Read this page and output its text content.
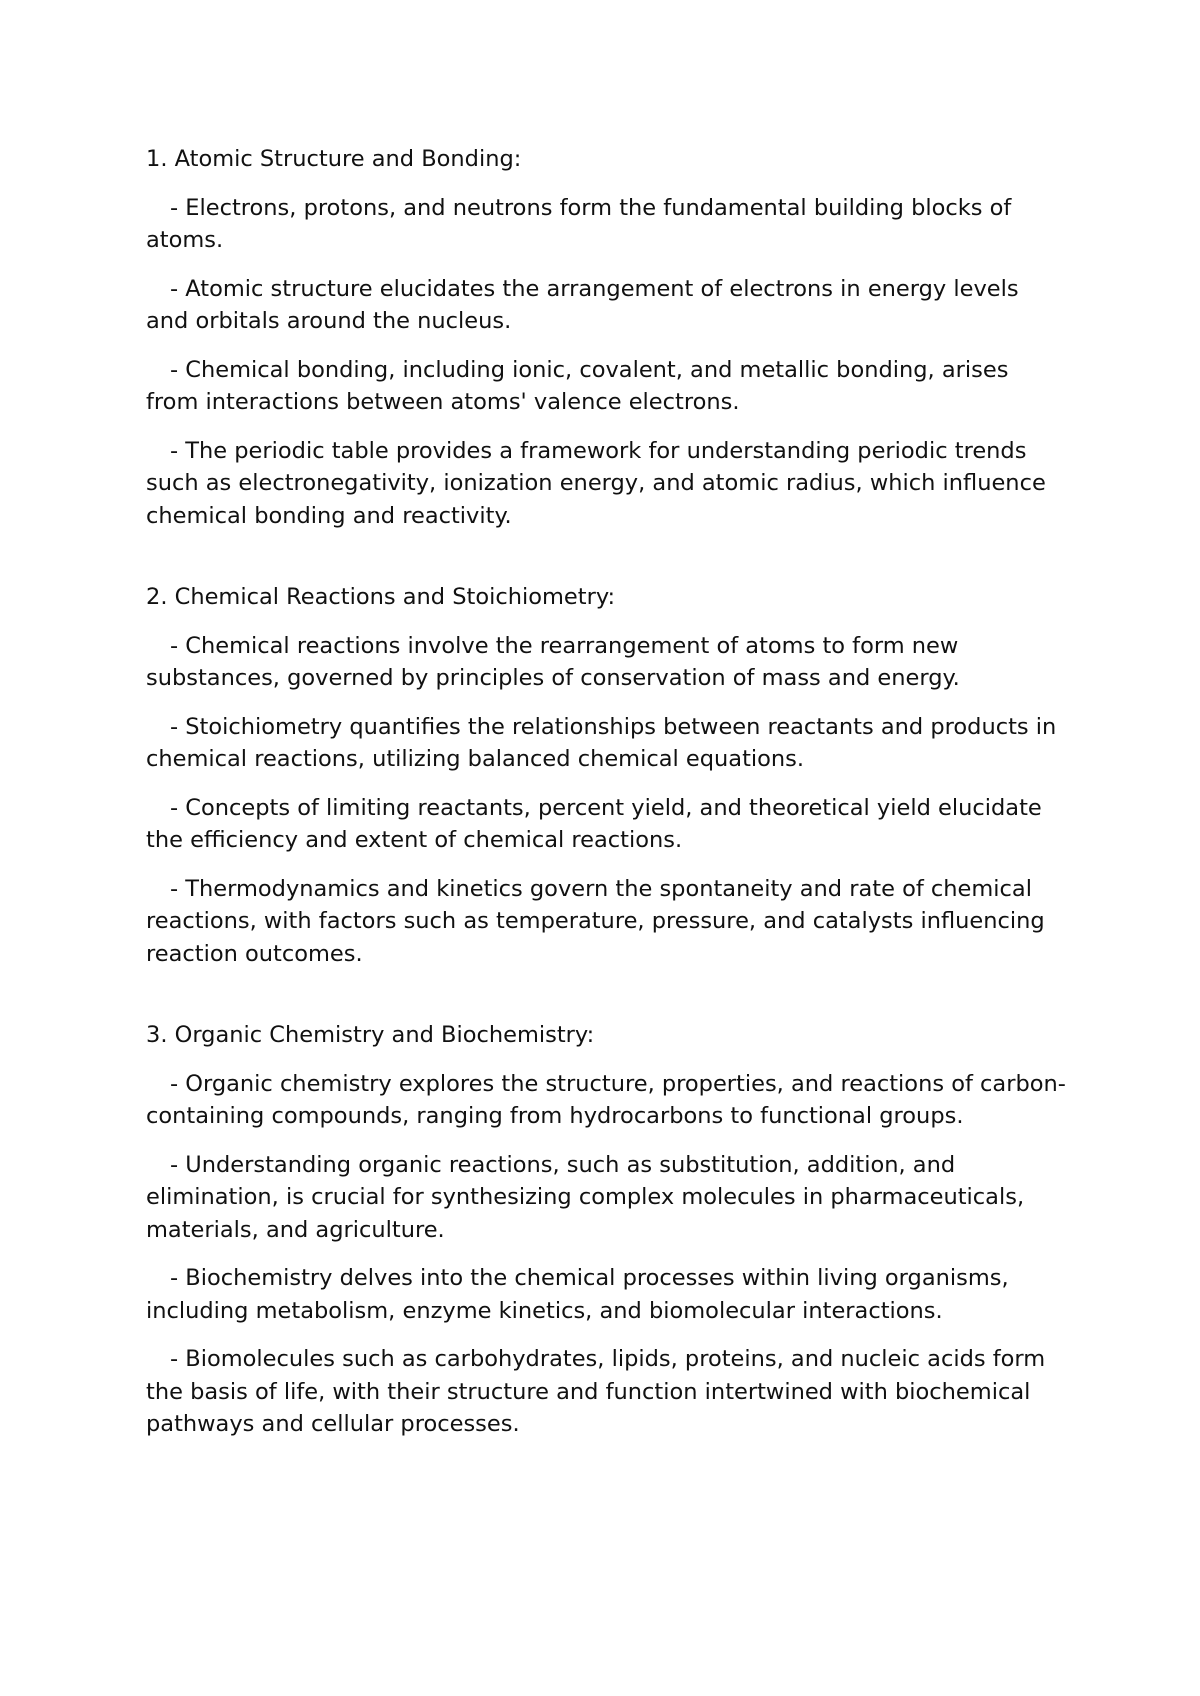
1. Atomic Structure and Bonding:

- Electrons, protons, and neutrons form the fundamental building blocks of atoms.

- Atomic structure elucidates the arrangement of electrons in energy levels and orbitals around the nucleus.

- Chemical bonding, including ionic, covalent, and metallic bonding, arises from interactions between atoms' valence electrons.

- The periodic table provides a framework for understanding periodic trends such as electronegativity, ionization energy, and atomic radius, which influence chemical bonding and reactivity.

2. Chemical Reactions and Stoichiometry:

- Chemical reactions involve the rearrangement of atoms to form new substances, governed by principles of conservation of mass and energy.

- Stoichiometry quantifies the relationships between reactants and products in chemical reactions, utilizing balanced chemical equations.

- Concepts of limiting reactants, percent yield, and theoretical yield elucidate the efficiency and extent of chemical reactions.

- Thermodynamics and kinetics govern the spontaneity and rate of chemical reactions, with factors such as temperature, pressure, and catalysts influencing reaction outcomes.

3. Organic Chemistry and Biochemistry:

- Organic chemistry explores the structure, properties, and reactions of carbon-containing compounds, ranging from hydrocarbons to functional groups.

- Understanding organic reactions, such as substitution, addition, and elimination, is crucial for synthesizing complex molecules in pharmaceuticals, materials, and agriculture.

- Biochemistry delves into the chemical processes within living organisms, including metabolism, enzyme kinetics, and biomolecular interactions.

- Biomolecules such as carbohydrates, lipids, proteins, and nucleic acids form the basis of life, with their structure and function intertwined with biochemical pathways and cellular processes.
